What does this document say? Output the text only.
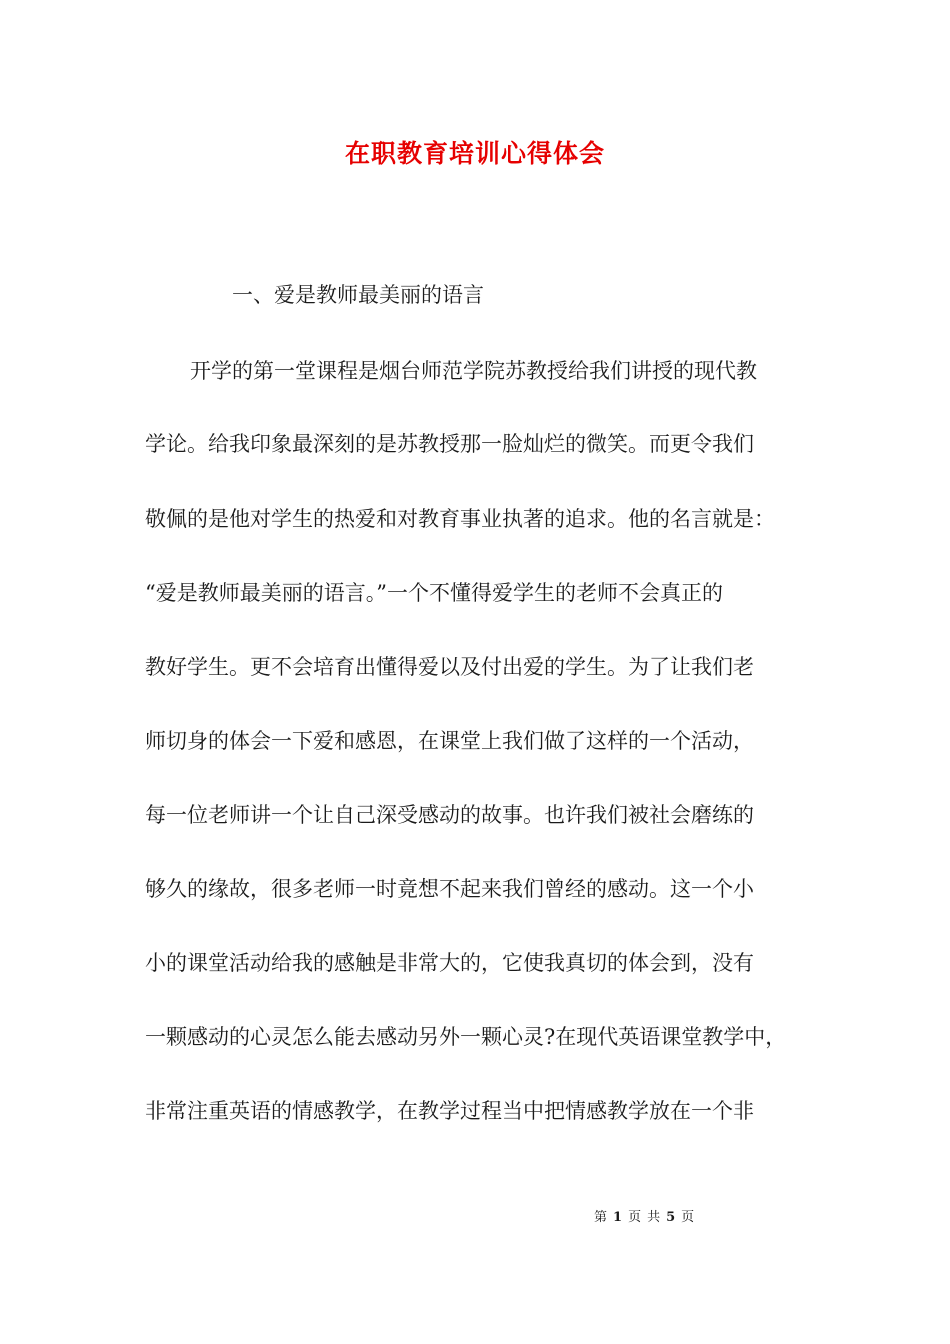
在职教育培训心得体会

一、爱是教师最美丽的语言

开学的第一堂课程是烟台师范学院苏教授给我们讲授的现代教

学论。给我印象最深刻的是苏教授那一脸灿烂的微笑。而更令我们

敬佩的是他对学生的热爱和对教育事业执著的追求。他的名言就是：

“爱是教师最美丽的语言。”一个不懂得爱学生的老师不会真正的

教好学生。更不会培育出懂得爱以及付出爱的学生。为了让我们老

师切身的体会一下爱和感恩，在课堂上我们做了这样的一个活动，

每一位老师讲一个让自己深受感动的故事。也许我们被社会磨练的

够久的缘故，很多老师一时竟想不起来我们曾经的感动。这一个小

小的课堂活动给我的感触是非常大的，它使我真切的体会到，没有

一颗感动的心灵怎么能去感动另外一颗心灵?在现代英语课堂教学中，

非常注重英语的情感教学，在教学过程当中把情感教学放在一个非

第 1 页 共 5 页
